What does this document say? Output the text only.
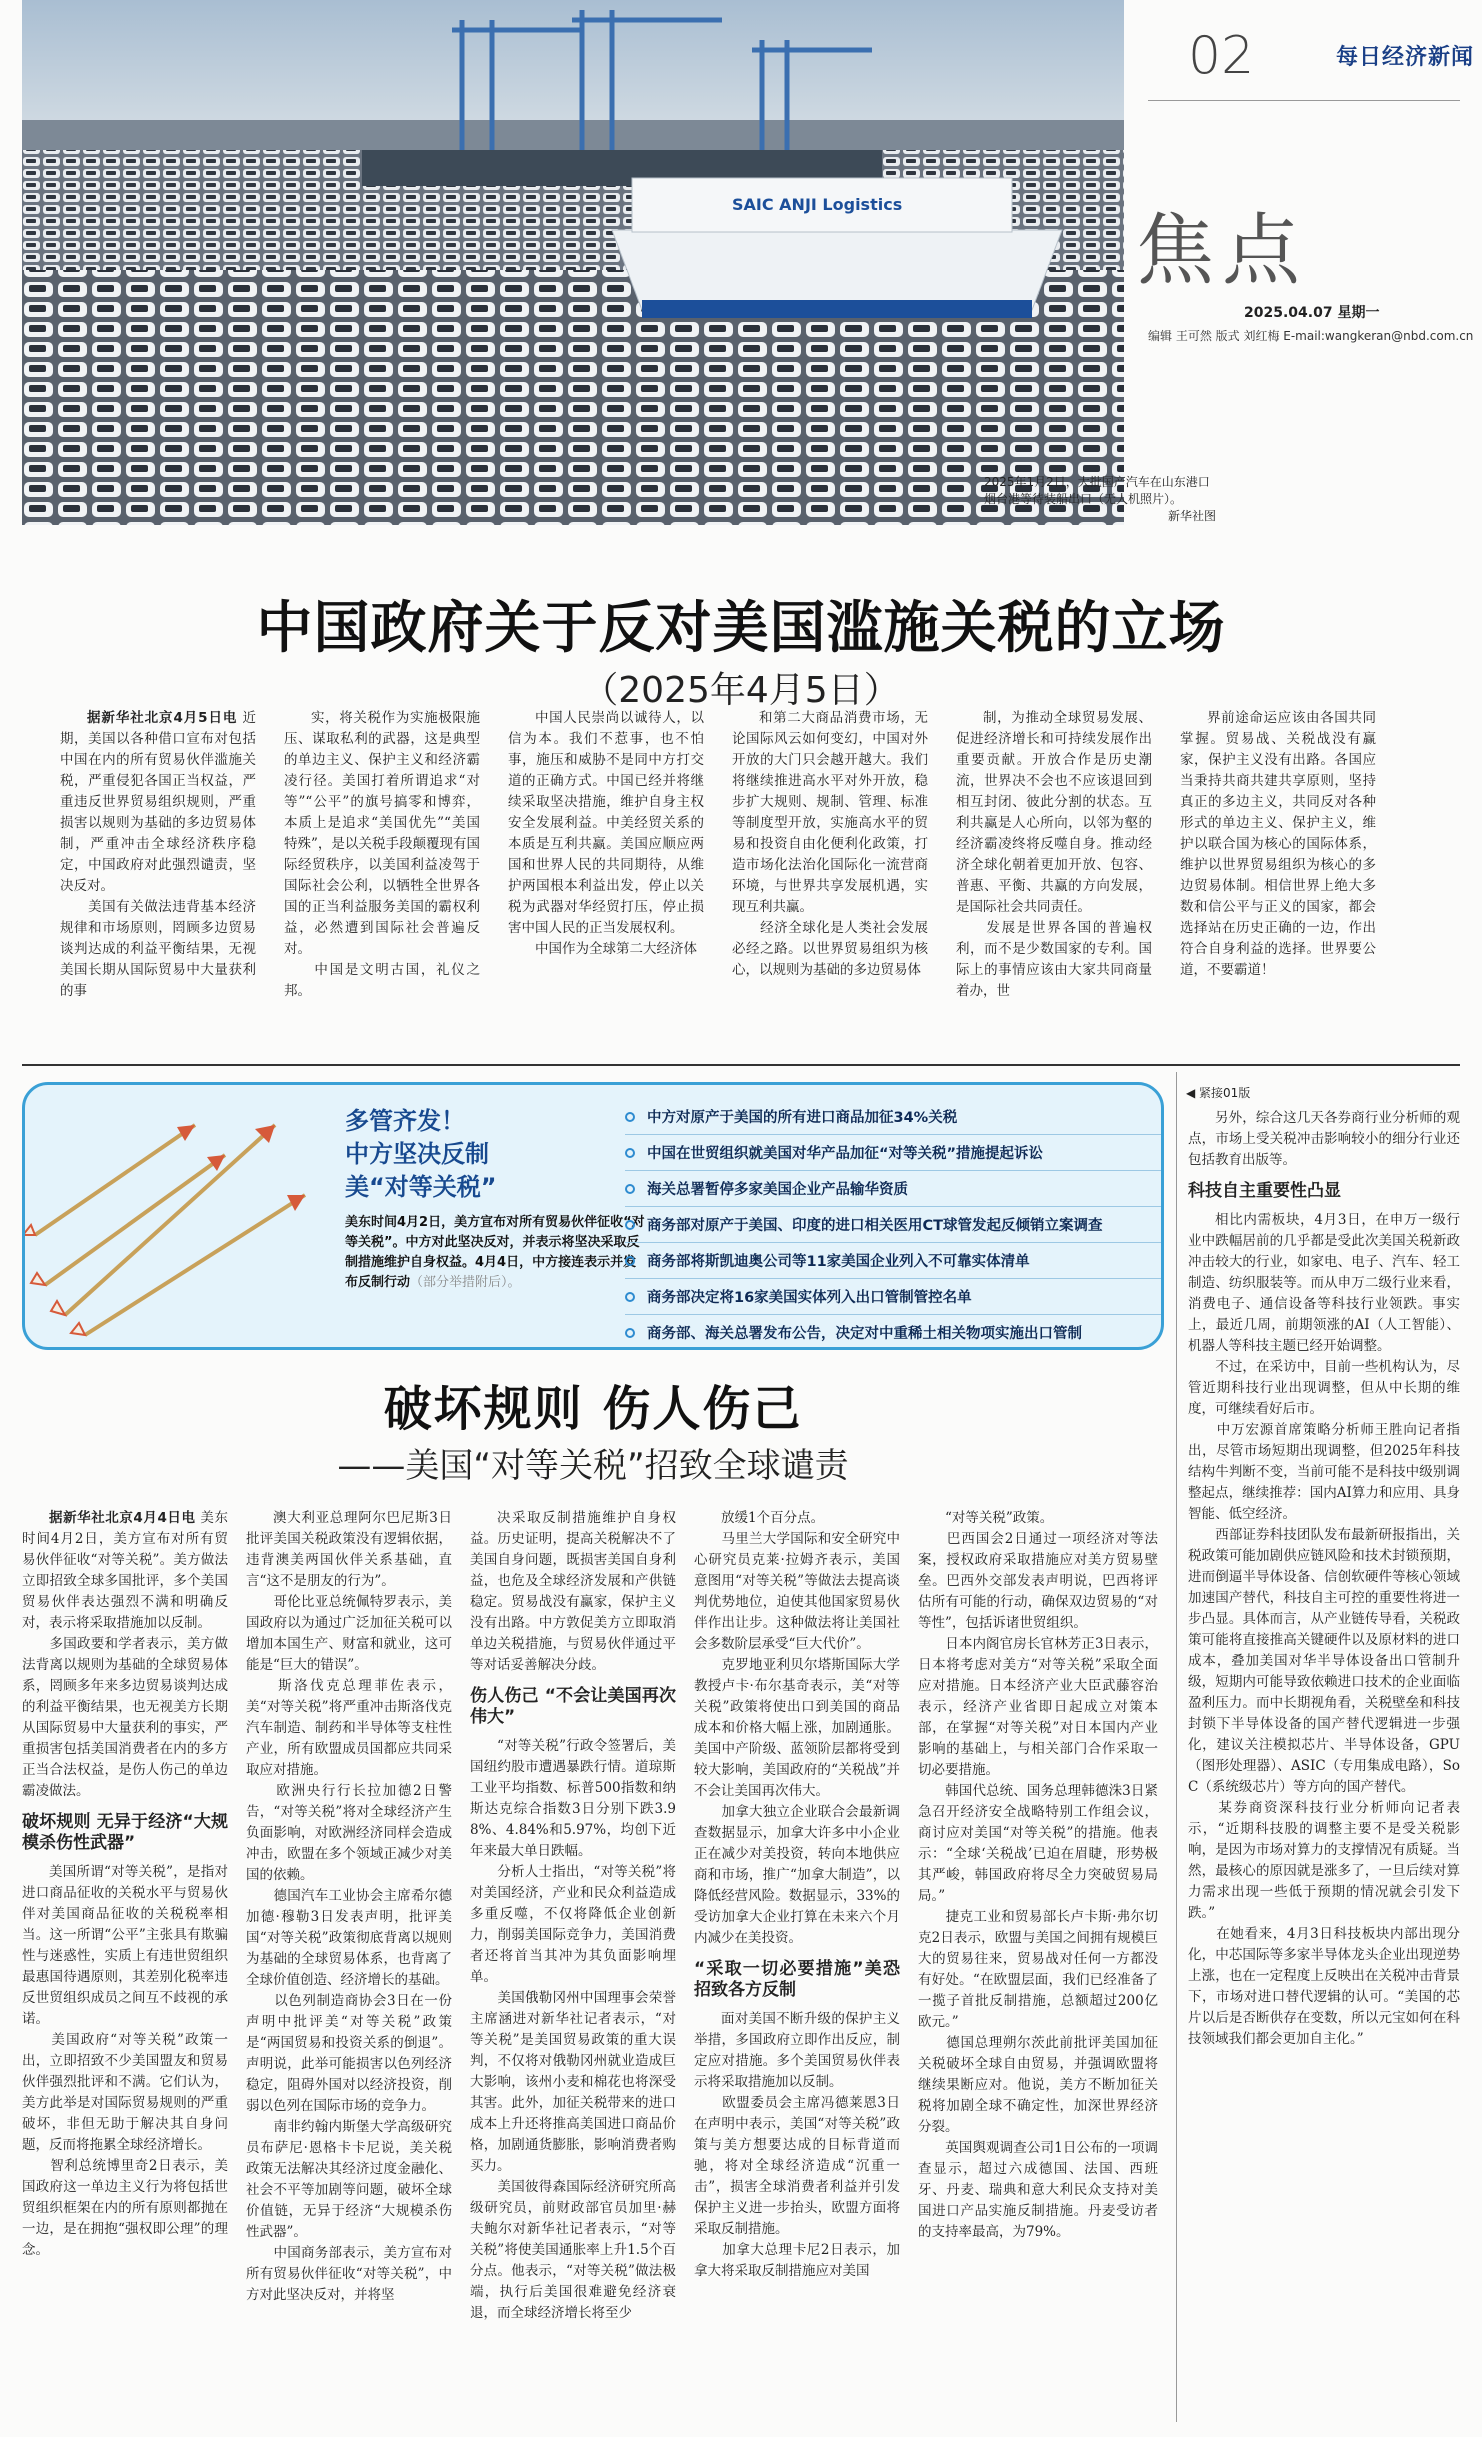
SAIC ANJI Logistics
02	每日经济新闻
焦点
2025.04.07 星期一
编辑 王可然 版式 刘红梅 E-mail:wangkeran@nbd.com.cn
2025年1月2日，大批国产汽车在山东港口烟台港等待装船出口（无人机照片）。
新华社图
中国政府关于反对美国滥施关税的立场
（2025年4月5日）
据新华社北京4月5日电 近期，美国以各种借口宣布对包括中国在内的所有贸易伙伴滥施关税，严重侵犯各国正当权益，严重违反世界贸易组织规则，严重损害以规则为基础的多边贸易体制，严重冲击全球经济秩序稳定，中国政府对此强烈谴责，坚决反对。
　　美国有关做法违背基本经济规律和市场原则，罔顾多边贸易谈判达成的利益平衡结果，无视美国长期从国际贸易中大量获利的事
实，将关税作为实施极限施压、谋取私利的武器，这是典型的单边主义、保护主义和经济霸凌行径。美国打着所谓追求“对等”“公平”的旗号搞零和博弈，本质上是追求“美国优先”“美国特殊”，是以关税手段颠覆现有国际经贸秩序，以美国利益凌驾于国际社会公利，以牺牲全世界各国的正当利益服务美国的霸权利益，必然遭到国际社会普遍反对。
　　中国是文明古国，礼仪之邦。
中国人民崇尚以诚待人，以信为本。我们不惹事，也不怕事，施压和威胁不是同中方打交道的正确方式。中国已经并将继续采取坚决措施，维护自身主权安全发展利益。中美经贸关系的本质是互利共赢。美国应顺应两国和世界人民的共同期待，从维护两国根本利益出发，停止以关税为武器对华经贸打压，停止损害中国人民的正当发展权利。
　　中国作为全球第二大经济体
和第二大商品消费市场，无论国际风云如何变幻，中国对外开放的大门只会越开越大。我们将继续推进高水平对外开放，稳步扩大规则、规制、管理、标准等制度型开放，实施高水平的贸易和投资自由化便利化政策，打造市场化法治化国际化一流营商环境，与世界共享发展机遇，实现互利共赢。
　　经济全球化是人类社会发展必经之路。以世界贸易组织为核心，以规则为基础的多边贸易体
制，为推动全球贸易发展、促进经济增长和可持续发展作出重要贡献。开放合作是历史潮流，世界决不会也不应该退回到相互封闭、彼此分割的状态。互利共赢是人心所向，以邻为壑的经济霸凌终将反噬自身。推动经济全球化朝着更加开放、包容、普惠、平衡、共赢的方向发展，是国际社会共同责任。
　　发展是世界各国的普遍权利，而不是少数国家的专利。国际上的事情应该由大家共同商量着办，世
界前途命运应该由各国共同掌握。贸易战、关税战没有赢家，保护主义没有出路。各国应当秉持共商共建共享原则，坚持真正的多边主义，共同反对各种形式的单边主义、保护主义，维护以联合国为核心的国际体系，维护以世界贸易组织为核心的多边贸易体制。相信世界上绝大多数和信公平与正义的国家，都会选择站在历史正确的一边，作出符合自身利益的选择。世界要公道，不要霸道！
多管齐发！
中方坚决反制
美“对等关税”
美东时间4月2日，美方宣布对所有贸易伙伴征收“对等关税”。中方对此坚决反对，并表示将坚决采取反制措施维护自身权益。4月4日，中方接连表示并发布反制行动（部分举措附后）。
中方对原产于美国的所有进口商品加征34%关税
中国在世贸组织就美国对华产品加征“对等关税”措施提起诉讼
海关总署暂停多家美国企业产品输华资质
商务部对原产于美国、印度的进口相关医用CT球管发起反倾销立案调查
商务部将斯凯迪奥公司等11家美国企业列入不可靠实体清单
商务部决定将16家美国实体列入出口管制管控名单
商务部、海关总署发布公告，决定对中重稀土相关物项实施出口管制
破坏规则 伤人伤己
——美国“对等关税”招致全球谴责

据新华社北京4月4日电 美东时间4月2日，美方宣布对所有贸易伙伴征收“对等关税”。美方做法立即招致全球多国批评，多个美国贸易伙伴表达强烈不满和明确反对，表示将采取措施加以反制。
　　多国政要和学者表示，美方做法背离以规则为基础的全球贸易体系，罔顾多年来多边贸易谈判达成的利益平衡结果，也无视美方长期从国际贸易中大量获利的事实，严重损害包括美国消费者在内的多方正当合法权益，是伤人伤己的单边霸凌做法。

破坏规则 无异于经济“大规模杀伤性武器”

美国所谓“对等关税”，是指对进口商品征收的关税水平与贸易伙伴对美国商品征收的关税税率相当。这一所谓“公平”主张具有欺骗性与迷惑性，实质上有违世贸组织最惠国待遇原则，其差别化税率违反世贸组织成员之间互不歧视的承诺。
　　美国政府“对等关税”政策一出，立即招致不少美国盟友和贸易伙伴强烈批评和不满。它们认为，美方此举是对国际贸易规则的严重破坏，非但无助于解决其自身问题，反而将拖累全球经济增长。
　　智利总统博里奇2日表示，美国政府这一单边主义行为将包括世贸组织框架在内的所有原则都抛在一边，是在拥抱“强权即公理”的理念。

澳大利亚总理阿尔巴尼斯3日批评美国关税政策没有逻辑依据，违背澳美两国伙伴关系基础，直言“这不是朋友的行为”。
　　哥伦比亚总统佩特罗表示，美国政府以为通过广泛加征关税可以增加本国生产、财富和就业，这可能是“巨大的错误”。
　　斯洛伐克总理菲佐表示，美“对等关税”将严重冲击斯洛伐克汽车制造、制药和半导体等支柱性产业，所有欧盟成员国都应共同采取应对措施。
　　欧洲央行行长拉加德2日警告，“对等关税”将对全球经济产生负面影响，对欧洲经济同样会造成冲击，欧盟在多个领域正减少对美国的依赖。
　　德国汽车工业协会主席希尔德加德·穆勒3日发表声明，批评美国“对等关税”政策彻底背离以规则为基础的全球贸易体系，也背离了全球价值创造、经济增长的基础。
　　以色列制造商协会3日在一份声明中批评美“对等关税”政策是“两国贸易和投资关系的倒退”。声明说，此举可能损害以色列经济稳定，阻碍外国对以经济投资，削弱以色列在国际市场的竞争力。
　　南非约翰内斯堡大学高级研究员布萨尼·恩格卡卡尼说，美关税政策无法解决其经济过度金融化、社会不平等加剧等问题，破坏全球价值链，无异于经济“大规模杀伤性武器”。
　　中国商务部表示，美方宣布对所有贸易伙伴征收“对等关税”，中方对此坚决反对，并将坚

决采取反制措施维护自身权益。历史证明，提高关税解决不了美国自身问题，既损害美国自身利益，也危及全球经济发展和产供链稳定。贸易战没有赢家，保护主义没有出路。中方敦促美方立即取消单边关税措施，与贸易伙伴通过平等对话妥善解决分歧。

伤人伤己 “不会让美国再次伟大”

“对等关税”行政令签署后，美国纽约股市遭遇暴跌行情。道琼斯工业平均指数、标普500指数和纳斯达克综合指数3日分别下跌3.98%、4.84%和5.97%，均创下近年来最大单日跌幅。
　　分析人士指出，“对等关税”将对美国经济，产业和民众利益造成多重反噬，不仅将降低企业创新力，削弱美国际竞争力，美国消费者还将首当其冲为其负面影响埋单。
　　美国俄勒冈州中国理事会荣誉主席涵进对新华社记者表示，“对等关税”是美国贸易政策的重大误判，不仅将对俄勒冈州就业造成巨大影响，该州小麦和棉花也将深受其害。此外，加征关税带来的进口成本上升还将推高美国进口商品价格，加剧通货膨胀，影响消费者购买力。
　　美国彼得森国际经济研究所高级研究员，前财政部官员加里·赫夫鲍尔对新华社记者表示，“对等关税”将使美国通胀率上升1.5个百分点。他表示，“对等关税”做法极端，执行后美国很难避免经济衰退，而全球经济增长将至少

放缓1个百分点。
　　马里兰大学国际和安全研究中心研究员克莱·拉姆齐表示，美国意图用“对等关税”等做法去提高谈判优势地位，迫使其他国家贸易伙伴作出让步。这种做法将让美国社会多数阶层承受“巨大代价”。
　　克罗地亚利贝尔塔斯国际大学教授卢卡·布尔基奇表示，美“对等关税”政策将使出口到美国的商品成本和价格大幅上涨，加剧通胀。美国中产阶级、蓝领阶层都将受到较大影响，美国政府的“关税战”并不会让美国再次伟大。
　　加拿大独立企业联合会最新调查数据显示，加拿大许多中小企业正在减少对美投资，转向本地供应商和市场，推广“加拿大制造”，以降低经营风险。数据显示，33%的受访加拿大企业打算在未来六个月内减少在美投资。

“采取一切必要措施”美恐招致各方反制

面对美国不断升级的保护主义举措，多国政府立即作出反应，制定应对措施。多个美国贸易伙伴表示将采取措施加以反制。
　　欧盟委员会主席冯德莱恩3日在声明中表示，美国“对等关税”政策与美方想要达成的目标背道而驰，将对全球经济造成“沉重一击”，损害全球消费者利益并引发保护主义进一步抬头，欧盟方面将采取反制措施。
　　加拿大总理卡尼2日表示，加拿大将采取反制措施应对美国

“对等关税”政策。
　　巴西国会2日通过一项经济对等法案，授权政府采取措施应对美方贸易壁垒。巴西外交部发表声明说，巴西将评估所有可能的行动，确保双边贸易的“对等性”，包括诉诸世贸组织。
　　日本内阁官房长官林芳正3日表示，日本将考虑对美方“对等关税”采取全面应对措施。日本经济产业大臣武藤容治表示，经济产业省即日起成立对策本部，在掌握“对等关税”对日本国内产业影响的基础上，与相关部门合作采取一切必要措施。
　　韩国代总统、国务总理韩德洙3日紧急召开经济安全战略特别工作组会议，商讨应对美国“对等关税”的措施。他表示：“全球‘关税战’已迫在眉睫，形势极其严峻，韩国政府将尽全力突破贸易局局。”
　　捷克工业和贸易部长卢卡斯·弗尔切克2日表示，欧盟与美国之间拥有规模巨大的贸易往来，贸易战对任何一方都没有好处。“在欧盟层面，我们已经准备了一揽子首批反制措施，总额超过200亿欧元。”
　　德国总理朔尔茨此前批评美国加征关税破坏全球自由贸易，并强调欧盟将继续果断应对。他说，美方不断加征关税将加剧全球不确定性，加深世界经济分裂。
　　英国舆观调查公司1日公布的一项调查显示，超过六成德国、法国、西班牙、丹麦、瑞典和意大利民众支持对美国进口产品实施反制措施。丹麦受访者的支持率最高，为79%。

◀ 紧接01版

另外，综合这几天各券商行业分析师的观点，市场上受关税冲击影响较小的细分行业还包括教育出版等。

科技自主重要性凸显

相比内需板块，4月3日，在申万一级行业中跌幅居前的几乎都是受此次美国关税新政冲击较大的行业，如家电、电子、汽车、轻工制造、纺织服装等。而从申万二级行业来看，消费电子、通信设备等科技行业领跌。事实上，最近几周，前期领涨的AI（人工智能）、机器人等科技主题已经开始调整。
　　不过，在采访中，目前一些机构认为，尽管近期科技行业出现调整，但从中长期的维度，可继续看好后市。
　　中万宏源首席策略分析师王胜向记者指出，尽管市场短期出现调整，但2025年科技结构牛判断不变，当前可能不是科技中级别调整起点，继续推荐：国内AI算力和应用、具身智能、低空经济。
　　西部证券科技团队发布最新研报指出，关税政策可能加剧供应链风险和技术封锁预期，进而倒逼半导体设备、信创软硬件等核心领域加速国产替代，科技自主可控的重要性将进一步凸显。具体而言，从产业链传导看，关税政策可能将直接推高关键硬件以及原材料的进口成本，叠加美国对华半导体设备出口管制升级，短期内可能导致依赖进口技术的企业面临盈利压力。而中长期视角看，关税壁垒和科技封锁下半导体设备的国产替代逻辑进一步强化，建议关注模拟芯片、半导体设备，GPU（图形处理器）、ASIC（专用集成电路），SoC（系统级芯片）等方向的国产替代。
　　某券商资深科技行业分析师向记者表示，“近期科技股的调整主要不是受关税影响，是因为市场对算力的支撑情况有质疑。当然，最核心的原因就是涨多了，一旦后续对算力需求出现一些低于预期的情况就会引发下跌。”
　　在她看来，4月3日科技板块内部出现分化，中芯国际等多家半导体龙头企业出现逆势上涨，也在一定程度上反映出在关税冲击背景下，市场对进口替代逻辑的认可。“美国的芯片以后是否断供存在变数，所以元宝如何在科技领域我们都会更加自主化。”
